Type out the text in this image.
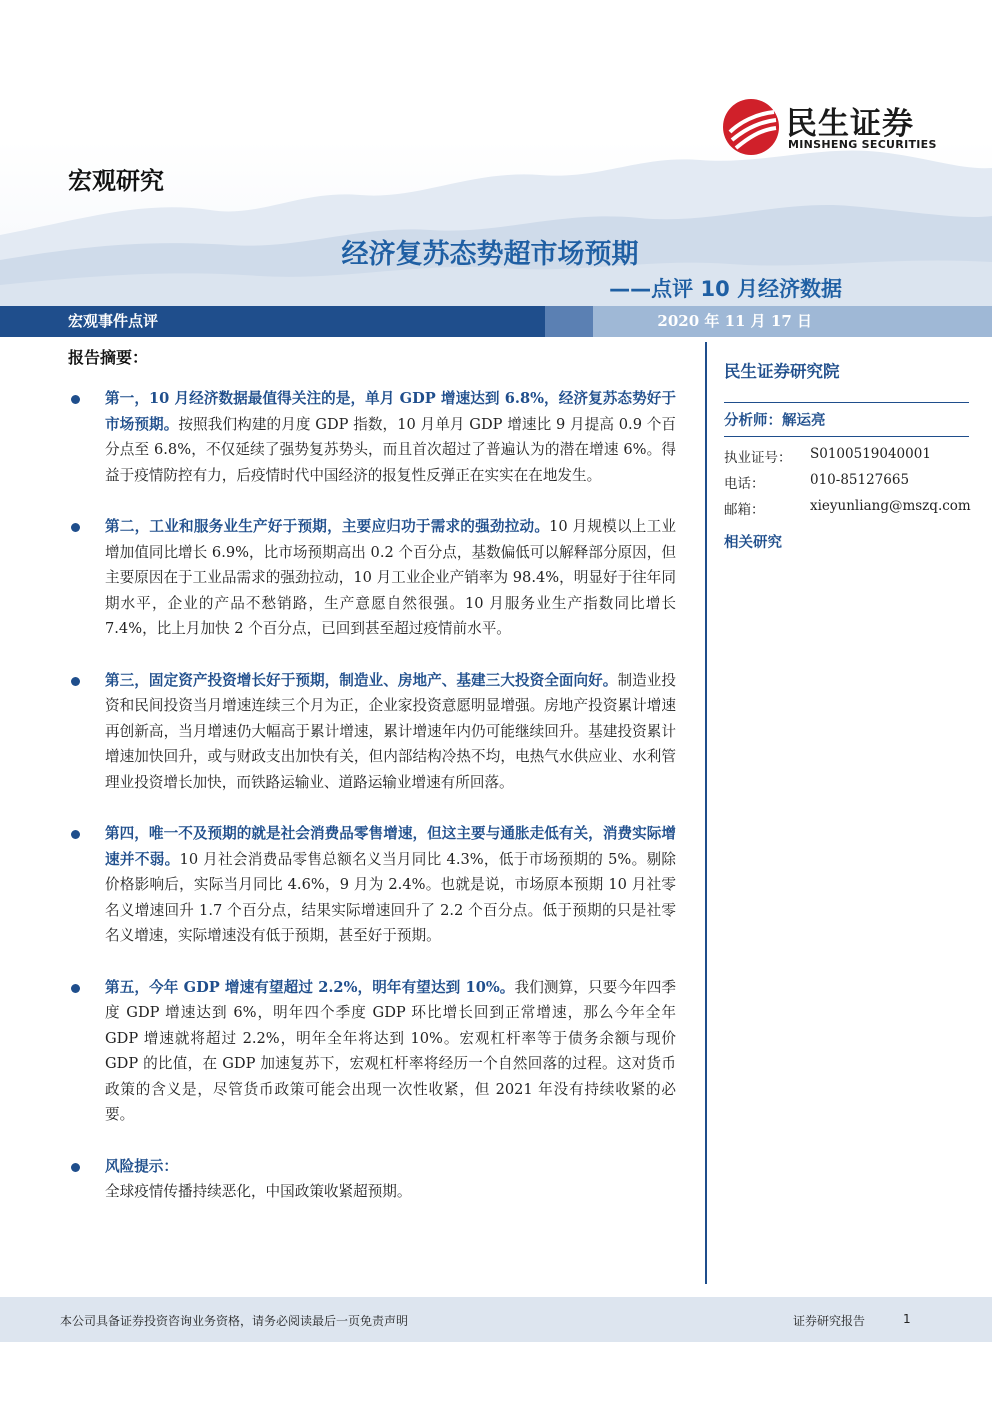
民生证券
MINSHENG SECURITIES
宏观研究
经济复苏态势超市场预期
——点评 10 月经济数据
宏观事件点评	2020 年 11 月 17 日
报告摘要：
第一，10 月经济数据最值得关注的是，单月 GDP 增速达到 6.8%，经济复苏态势好于市场预期。按照我们构建的月度 GDP 指数，10 月单月 GDP 增速比 9 月提高 0.9 个百分点至 6.8%，不仅延续了强势复苏势头，而且首次超过了普遍认为的潜在增速 6%。得益于疫情防控有力，后疫情时代中国经济的报复性反弹正在实实在在地发生。
第二，工业和服务业生产好于预期，主要应归功于需求的强劲拉动。10 月规模以上工业增加值同比增长 6.9%，比市场预期高出 0.2 个百分点，基数偏低可以解释部分原因，但主要原因在于工业品需求的强劲拉动，10 月工业企业产销率为 98.4%，明显好于往年同期水平，企业的产品不愁销路，生产意愿自然很强。10 月服务业生产指数同比增长 7.4%，比上月加快 2 个百分点，已回到甚至超过疫情前水平。
第三，固定资产投资增长好于预期，制造业、房地产、基建三大投资全面向好。制造业投资和民间投资当月增速连续三个月为正，企业家投资意愿明显增强。房地产投资累计增速再创新高，当月增速仍大幅高于累计增速，累计增速年内仍可能继续回升。基建投资累计增速加快回升，或与财政支出加快有关，但内部结构冷热不均，电热气水供应业、水利管理业投资增长加快，而铁路运输业、道路运输业增速有所回落。
第四，唯一不及预期的就是社会消费品零售增速，但这主要与通胀走低有关，消费实际增速并不弱。10 月社会消费品零售总额名义当月同比 4.3%，低于市场预期的 5%。剔除价格影响后，实际当月同比 4.6%，9 月为 2.4%。也就是说，市场原本预期 10 月社零名义增速回升 1.7 个百分点，结果实际增速回升了 2.2 个百分点。低于预期的只是社零名义增速，实际增速没有低于预期，甚至好于预期。
第五，今年 GDP 增速有望超过 2.2%，明年有望达到 10%。我们测算，只要今年四季度 GDP 增速达到 6%，明年四个季度 GDP 环比增长回到正常增速，那么今年全年 GDP 增速就将超过 2.2%，明年全年将达到 10%。宏观杠杆率等于债务余额与现价 GDP 的比值，在 GDP 加速复苏下，宏观杠杆率将经历一个自然回落的过程。这对货币政策的含义是，尽管货币政策可能会出现一次性收紧，但 2021 年没有持续收紧的必要。
风险提示：
全球疫情传播持续恶化，中国政策收紧超预期。
民生证券研究院
分析师：解运亮
执业证号：	S0100519040001
电话：	010-85127665
邮箱：	xieyunliang@mszq.com
相关研究
本公司具备证券投资咨询业务资格，请务必阅读最后一页免责声明	证券研究报告	1
